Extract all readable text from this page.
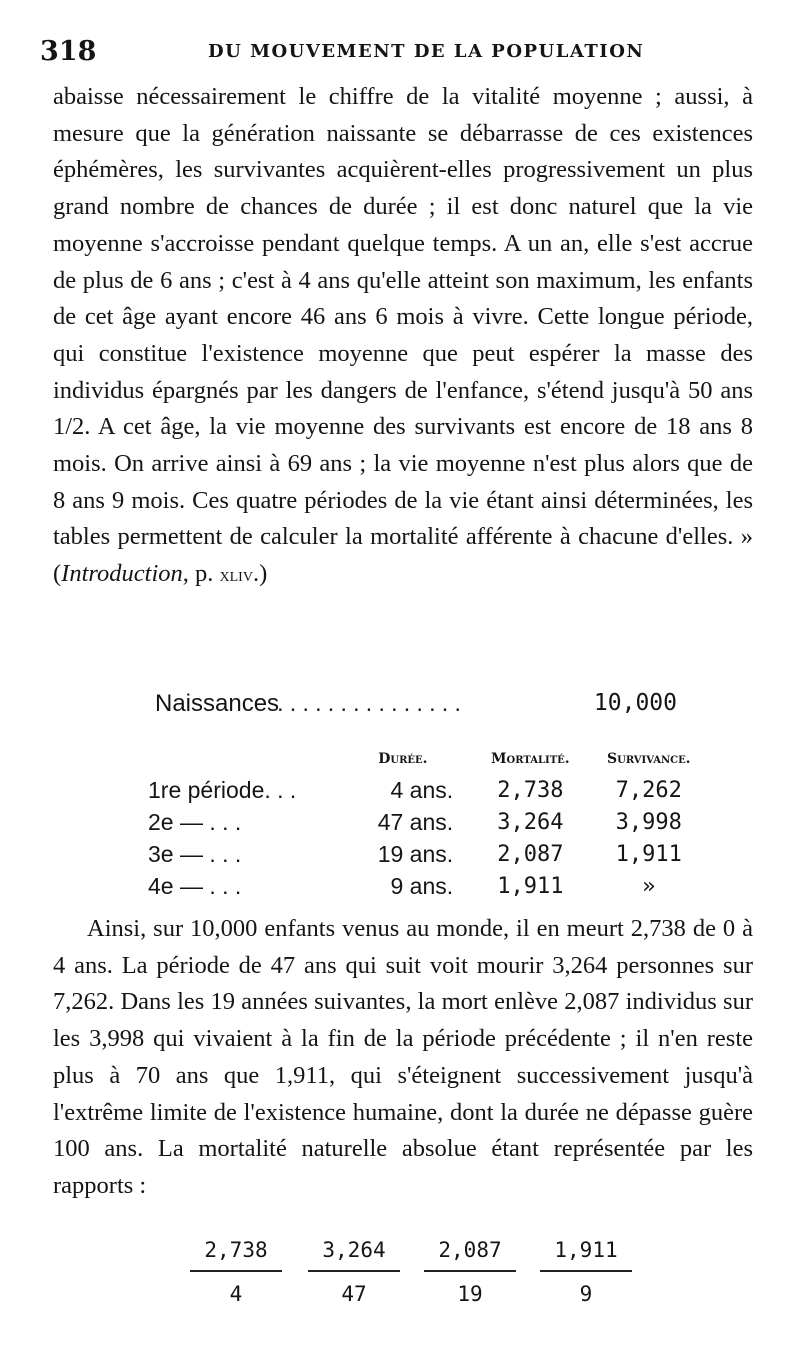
318	DU MOUVEMENT DE LA POPULATION

abaisse nécessairement le chiffre de la vitalité moyenne ; aussi, à mesure que la génération naissante se débarrasse de ces existences éphémères, les survivantes acquièrent-elles progressivement un plus grand nombre de chances de durée ; il est donc naturel que la vie moyenne s'accroisse pendant quelque temps. A un an, elle s'est accrue de plus de 6 ans ; c'est à 4 ans qu'elle atteint son maximum, les enfants de cet âge ayant encore 46 ans 6 mois à vivre. Cette longue période, qui constitue l'existence moyenne que peut espérer la masse des individus épargnés par les dangers de l'enfance, s'étend jusqu'à 50 ans 1/2. A cet âge, la vie moyenne des survivants est encore de 18 ans 8 mois. On arrive ainsi à 69 ans ; la vie moyenne n'est plus alors que de 8 ans 9 mois. Ces quatre périodes de la vie étant ainsi déterminées, les tables permettent de calculer la mortalité afférente à chacune d'elles. » (Introduction, p. xliv.)

Naissances
...............	10,000
	Durée.	Mortalité.	Survivance.
1re période. . .	4 ans.	2,738	7,262
2e — . . .	47 ans.	3,264	3,998
3e — . . .	19 ans.	2,087	1,911
4e — . . .	9 ans.	1,911	»

Ainsi, sur 10,000 enfants venus au monde, il en meurt 2,738 de 0 à 4 ans. La période de 47 ans qui suit voit mourir 3,264 personnes sur 7,262. Dans les 19 années suivantes, la mort enlève 2,087 individus sur les 3,998 qui vivaient à la fin de la période précédente ; il n'en reste plus à 70 ans que 1,911, qui s'éteignent successivement jusqu'à l'extrême limite de l'existence humaine, dont la durée ne dépasse guère 100 ans. La mortalité naturelle absolue étant représentée par les rapports :

$\frac{2,738}{4} \frac{3,264}{47} \frac{2,087}{19} \frac{1,911}{9}$
